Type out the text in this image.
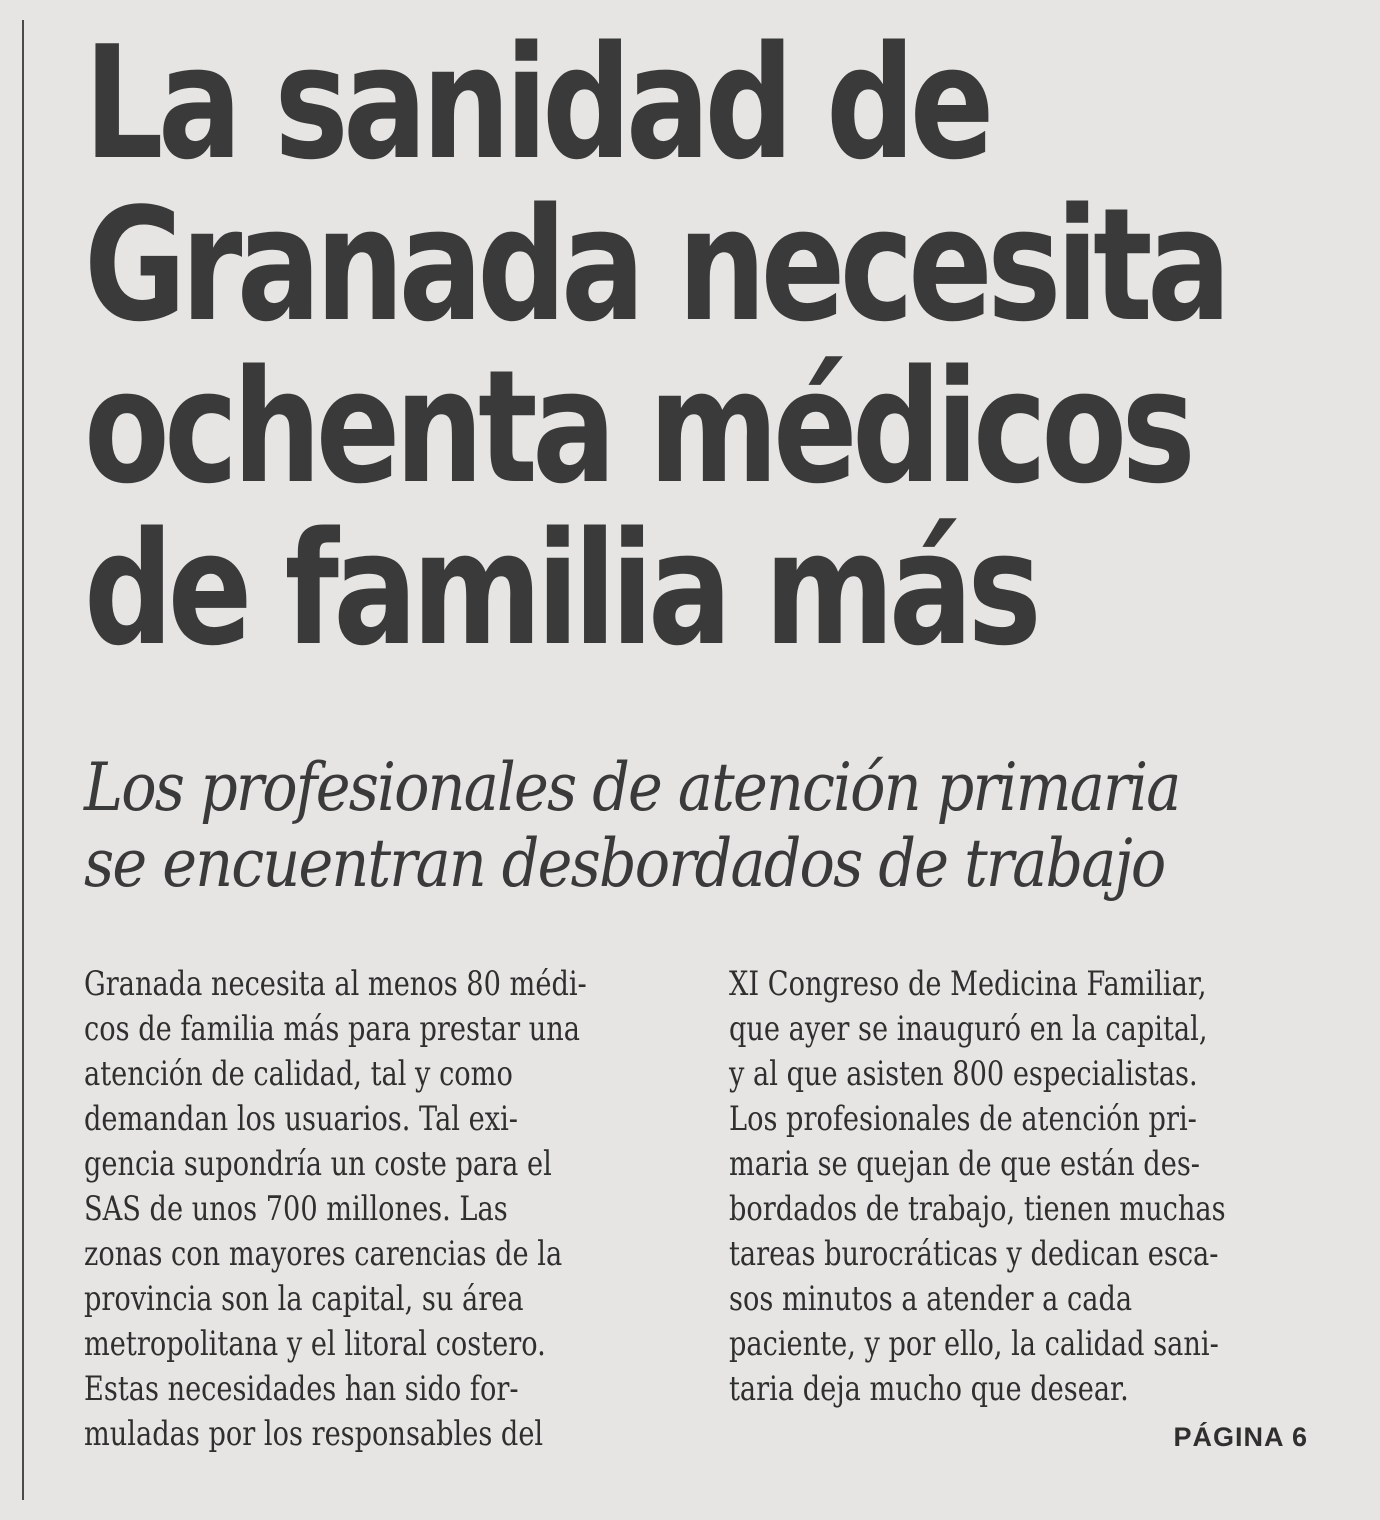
La sanidad de
Granada necesita
ochenta médicos
de familia más
Los profesionales de atención primaria
se encuentran desbordados de trabajo
Granada necesita al menos 80 médi-
cos de familia más para prestar una
atención de calidad, tal y como
demandan los usuarios. Tal exi-
gencia supondría un coste para el
SAS de unos 700 millones. Las
zonas con mayores carencias de la
provincia son la capital, su área
metropolitana y el litoral costero.
Estas necesidades han sido for-
muladas por los responsables del
XI Congreso de Medicina Familiar,
que ayer se inauguró en la capital,
y al que asisten 800 especialistas.
Los profesionales de atención pri-
maria se quejan de que están des-
bordados de trabajo, tienen muchas
tareas burocráticas y dedican esca-
sos minutos a atender a cada
paciente, y por ello, la calidad sani-
taria deja mucho que desear.
PÁGINA 6
